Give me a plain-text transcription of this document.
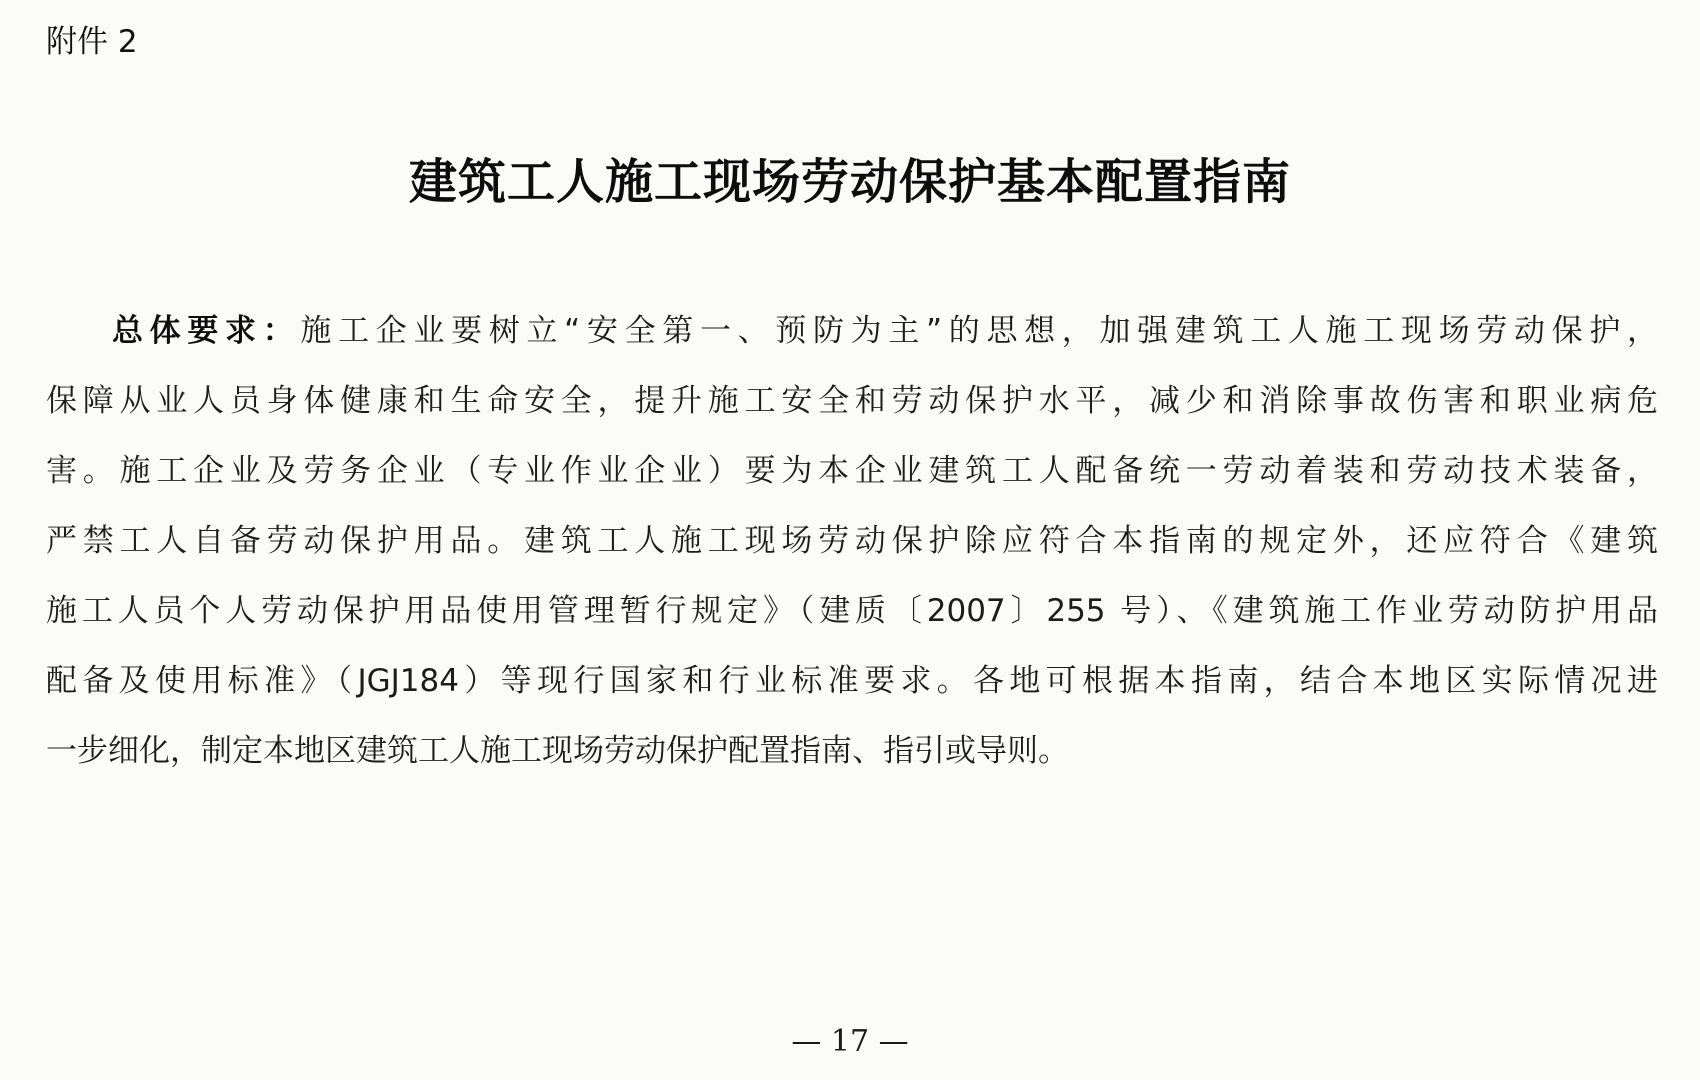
附件 2
建筑工人施工现场劳动保护基本配置指南
总体要求：施工企业要树立“安全第一、预防为主”的思想，加强建筑工人施工现场劳动保护，
保障从业人员身体健康和生命安全，提升施工安全和劳动保护水平，减少和消除事故伤害和职业病危
害。施工企业及劳务企业（专业作业企业）要为本企业建筑工人配备统一劳动着装和劳动技术装备，
严禁工人自备劳动保护用品。建筑工人施工现场劳动保护除应符合本指南的规定外，还应符合《建筑
施工人员个人劳动保护用品使用管理暂行规定》（建质〔2007〕255 号）、《建筑施工作业劳动防护用品
配备及使用标准》（JGJ184）等现行国家和行业标准要求。各地可根据本指南，结合本地区实际情况进
一步细化，制定本地区建筑工人施工现场劳动保护配置指南、指引或导则。
— 17 —
